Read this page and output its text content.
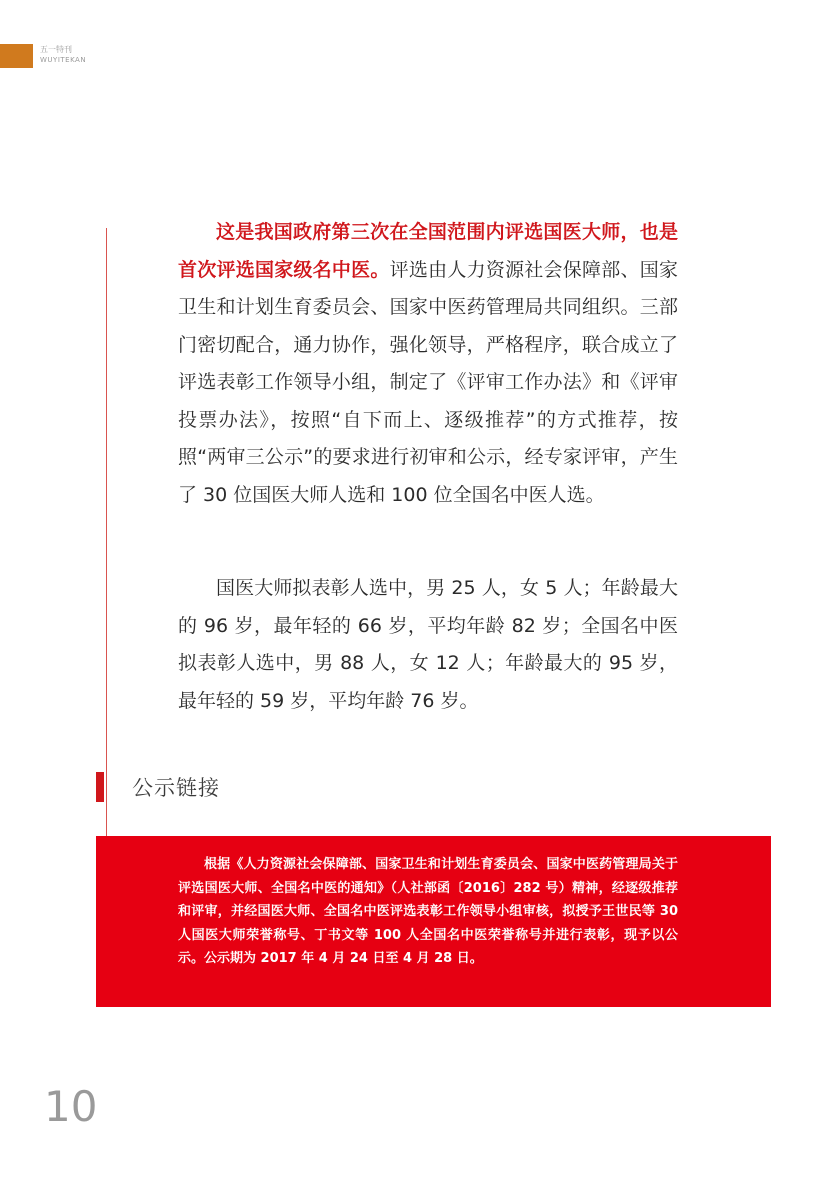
五一特刊
WUYITEKAN
这是我国政府第三次在全国范围内评选国医大师，也是首次评选国家级名中医。评选由人力资源社会保障部、国家卫生和计划生育委员会、国家中医药管理局共同组织。三部门密切配合，通力协作，强化领导，严格程序，联合成立了评选表彰工作领导小组，制定了《评审工作办法》和《评审投票办法》，按照“自下而上、逐级推荐”的方式推荐，按照“两审三公示”的要求进行初审和公示，经专家评审，产生了 30 位国医大师人选和 100 位全国名中医人选。
国医大师拟表彰人选中，男 25 人，女 5 人；年龄最大的 96 岁，最年轻的 66 岁，平均年龄 82 岁；全国名中医拟表彰人选中，男 88 人，女 12 人；年龄最大的 95 岁，最年轻的 59 岁，平均年龄 76 岁。
公示链接
根据《人力资源社会保障部、国家卫生和计划生育委员会、国家中医药管理局关于评选国医大师、全国名中医的通知》（人社部函〔2016〕282 号）精神，经逐级推荐和评审，并经国医大师、全国名中医评选表彰工作领导小组审核，拟授予王世民等 30 人国医大师荣誉称号、丁书文等 100 人全国名中医荣誉称号并进行表彰，现予以公示。公示期为 2017 年 4 月 24 日至 4 月 28 日。
10
